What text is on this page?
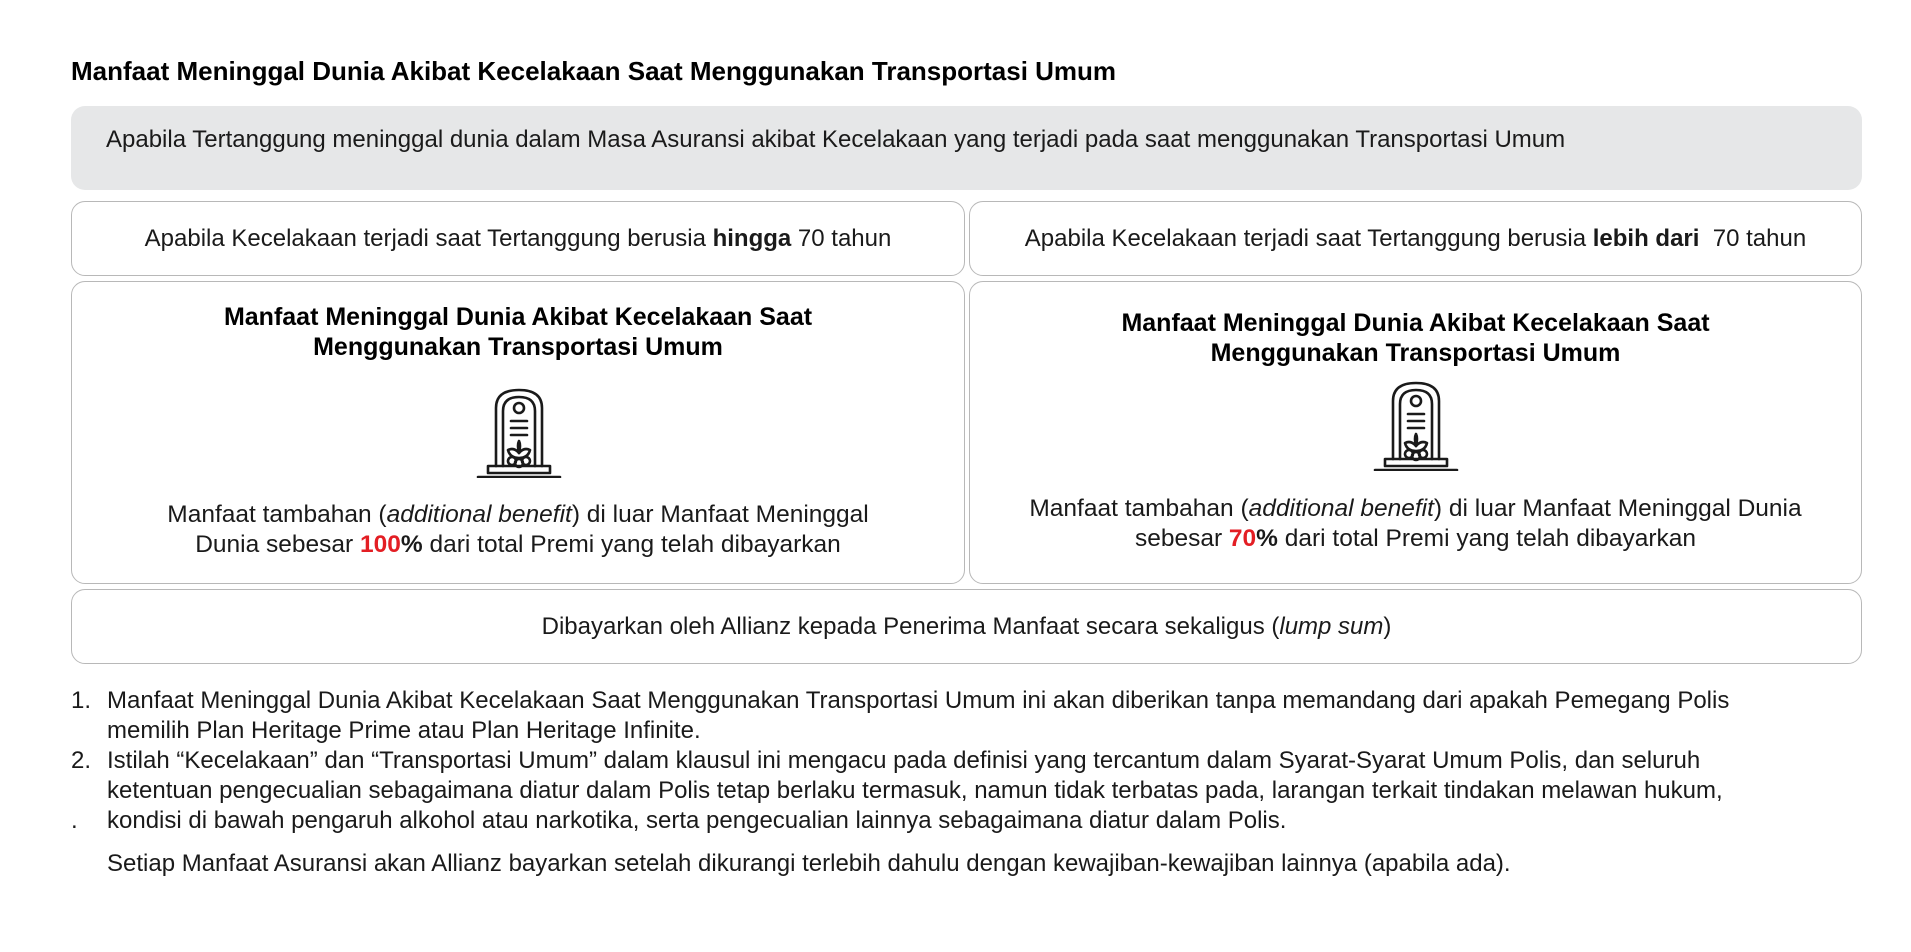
Manfaat Meninggal Dunia Akibat Kecelakaan Saat Menggunakan Transportasi Umum
Apabila Tertanggung meninggal dunia dalam Masa Asuransi akibat Kecelakaan yang terjadi pada saat menggunakan Transportasi Umum
Apabila Kecelakaan terjadi saat Tertanggung berusia hingga 70 tahun	Apabila Kecelakaan terjadi saat Tertanggung berusia lebih dari 70 tahun
Manfaat Meninggal Dunia Akibat Kecelakaan Saat
Menggunakan Transportasi Umum
Manfaat tambahan (additional benefit) di luar Manfaat Meninggal
Dunia sebesar 100% dari total Premi yang telah dibayarkan
Manfaat Meninggal Dunia Akibat Kecelakaan Saat
Menggunakan Transportasi Umum
Manfaat tambahan (additional benefit) di luar Manfaat Meninggal Dunia
sebesar 70% dari total Premi yang telah dibayarkan
Dibayarkan oleh Allianz kepada Penerima Manfaat secara sekaligus ( lump sum )
1. Manfaat Meninggal Dunia Akibat Kecelakaan Saat Menggunakan Transportasi Umum ini akan diberikan tanpa memandang dari apakah Pemegang Polis
memilih Plan Heritage Prime atau Plan Heritage Infinite.
2.
.
Istilah “Kecelakaan” dan “Transportasi Umum” dalam klausul ini mengacu pada definisi yang tercantum dalam Syarat-Syarat Umum Polis, dan seluruh
ketentuan pengecualian sebagaimana diatur dalam Polis tetap berlaku termasuk, namun tidak terbatas pada, larangan terkait tindakan melawan hukum,
kondisi di bawah pengaruh alkohol atau narkotika, serta pengecualian lainnya sebagaimana diatur dalam Polis.
Setiap Manfaat Asuransi akan Allianz bayarkan setelah dikurangi terlebih dahulu dengan kewajiban-kewajiban lainnya (apabila ada).
